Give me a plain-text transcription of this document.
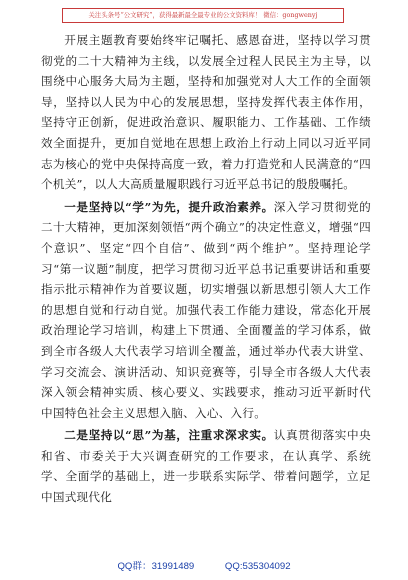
关注头条号“公文研究”，获得最新最全最专业的公文资料库！ 微信：gongwenyj

开展主题教育要始终牢记嘱托、感恩奋进，坚持以学习贯彻党的二十大精神为主线，以发展全过程人民民主为主导，以围绕中心服务大局为主题，坚持和加强党对人大工作的全面领导，坚持以人民为中心的发展思想，坚持发挥代表主体作用，坚持守正创新，促进政治意识、履职能力、工作基础、工作绩效全面提升，更加自觉地在思想上政治上行动上同以习近平同志为核心的党中央保持高度一致，着力打造党和人民满意的“四个机关”，以人大高质量履职践行习近平总书记的殷殷嘱托。

一是坚持以“学”为先，提升政治素养。深入学习贯彻党的二十大精神，更加深刻领悟“两个确立”的决定性意义，增强“四个意识”、坚定“四个自信”、做到“两个维护”。坚持理论学习“第一议题”制度，把学习贯彻习近平总书记重要讲话和重要指示批示精神作为首要议题，切实增强以新思想引领人大工作的思想自觉和行动自觉。加强代表工作能力建设，常态化开展政治理论学习培训，构建上下贯通、全面覆盖的学习体系，做到全市各级人大代表学习培训全覆盖，通过举办代表大讲堂、学习交流会、演讲活动、知识竞赛等，引导全市各级人大代表深入领会精神实质、核心要义、实践要求，推动习近平新时代中国特色社会主义思想入脑、入心、入行。

二是坚持以“思”为基，注重求深求实。认真贯彻落实中央和省、市委关于大兴调查研究的工作要求，在认真学、系统学、全面学的基础上，进一步联系实际学、带着问题学，立足中国式现代化

QQ群：31991489	QQ:535304092
